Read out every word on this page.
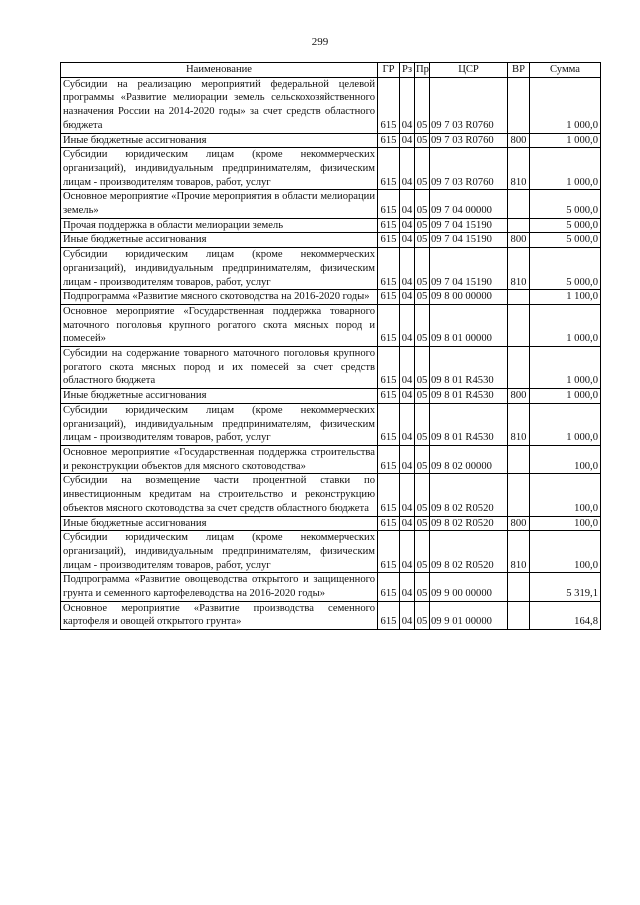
299
Наименование	ГР	Рз	Пр	ЦСР	ВР	Сумма
Субсидии на реализацию мероприятий федеральной целевой программы «Развитие мелиорации земель сельскохозяйственного назначения России на 2014-2020 годы» за счет средств областного бюджета	615	04	05	09 7 03 R0760		1 000,0
Иные бюджетные ассигнования	615	04	05	09 7 03 R0760	800	1 000,0
Субсидии юридическим лицам (кроме некоммерческих организаций), индивидуальным предпринимателям, физическим лицам - производителям товаров, работ, услуг	615	04	05	09 7 03 R0760	810	1 000,0
Основное мероприятие «Прочие мероприятия в области мелиорации земель»	615	04	05	09 7 04 00000		5 000,0
Прочая поддержка в области мелиорации земель	615	04	05	09 7 04 15190		5 000,0
Иные бюджетные ассигнования	615	04	05	09 7 04 15190	800	5 000,0
Субсидии юридическим лицам (кроме некоммерческих организаций), индивидуальным предпринимателям, физическим лицам - производителям товаров, работ, услуг	615	04	05	09 7 04 15190	810	5 000,0
Подпрограмма «Развитие мясного скотоводства на 2016-2020 годы»	615	04	05	09 8 00 00000		1 100,0
Основное мероприятие «Государственная поддержка товарного маточного поголовья крупного рогатого скота мясных пород и помесей»	615	04	05	09 8 01 00000		1 000,0
Субсидии на содержание товарного маточного поголовья крупного рогатого скота мясных пород и их помесей за счет средств областного бюджета	615	04	05	09 8 01 R4530		1 000,0
Иные бюджетные ассигнования	615	04	05	09 8 01 R4530	800	1 000,0
Субсидии юридическим лицам (кроме некоммерческих организаций), индивидуальным предпринимателям, физическим лицам - производителям товаров, работ, услуг	615	04	05	09 8 01 R4530	810	1 000,0
Основное мероприятие «Государственная поддержка строительства и реконструкции объектов для мясного скотоводства»	615	04	05	09 8 02 00000		100,0
Субсидии на возмещение части процентной ставки по инвестиционным кредитам на строительство и реконструкцию объектов мясного скотоводства за счет средств областного бюджета	615	04	05	09 8 02 R0520		100,0
Иные бюджетные ассигнования	615	04	05	09 8 02 R0520	800	100,0
Субсидии юридическим лицам (кроме некоммерческих организаций), индивидуальным предпринимателям, физическим лицам - производителям товаров, работ, услуг	615	04	05	09 8 02 R0520	810	100,0
Подпрограмма «Развитие овощеводства открытого и защищенного грунта и семенного картофелеводства на 2016-2020 годы»	615	04	05	09 9 00 00000		5 319,1
Основное мероприятие «Развитие производства семенного картофеля и овощей открытого грунта»	615	04	05	09 9 01 00000		164,8
